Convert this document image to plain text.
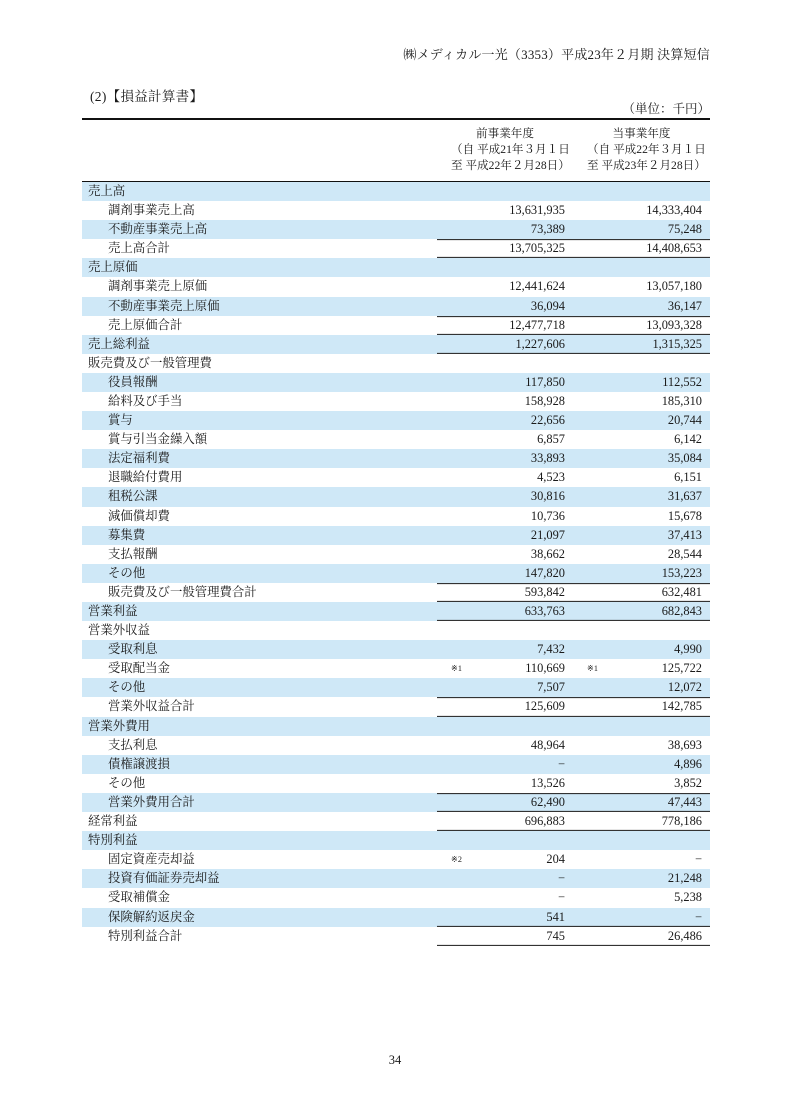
㈱メディカル一光（3353）平成23年２月期 決算短信
(2)【損益計算書】
（単位：千円）

	前事業年度
（自 平成21年３月１日
至 平成22年２月28日）	当事業年度
（自 平成22年３月１日
至 平成23年２月28日）

売上高		
調剤事業売上高	13,631,935	14,333,404
不動産事業売上高	73,389	75,248
売上高合計	13,705,325	14,408,653
売上原価		
調剤事業売上原価	12,441,624	13,057,180
不動産事業売上原価	36,094	36,147
売上原価合計	12,477,718	13,093,328
売上総利益	1,227,606	1,315,325
販売費及び一般管理費		
役員報酬	117,850	112,552
給料及び手当	158,928	185,310
賞与	22,656	20,744
賞与引当金繰入額	6,857	6,142
法定福利費	33,893	35,084
退職給付費用	4,523	6,151
租税公課	30,816	31,637
減価償却費	10,736	15,678
募集費	21,097	37,413
支払報酬	38,662	28,544
その他	147,820	153,223
販売費及び一般管理費合計	593,842	632,481
営業利益	633,763	682,843
営業外収益		
受取利息	7,432	4,990
受取配当金	※1 110,669	※1 125,722
その他	7,507	12,072
営業外収益合計	125,609	142,785
営業外費用		
支払利息	48,964	38,693
債権譲渡損	−	4,896
その他	13,526	3,852
営業外費用合計	62,490	47,443
経常利益	696,883	778,186
特別利益		
固定資産売却益	※2 204	−
投資有価証券売却益	−	21,248
受取補償金	−	5,238
保険解約返戻金	541	−
特別利益合計	745	26,486
34
